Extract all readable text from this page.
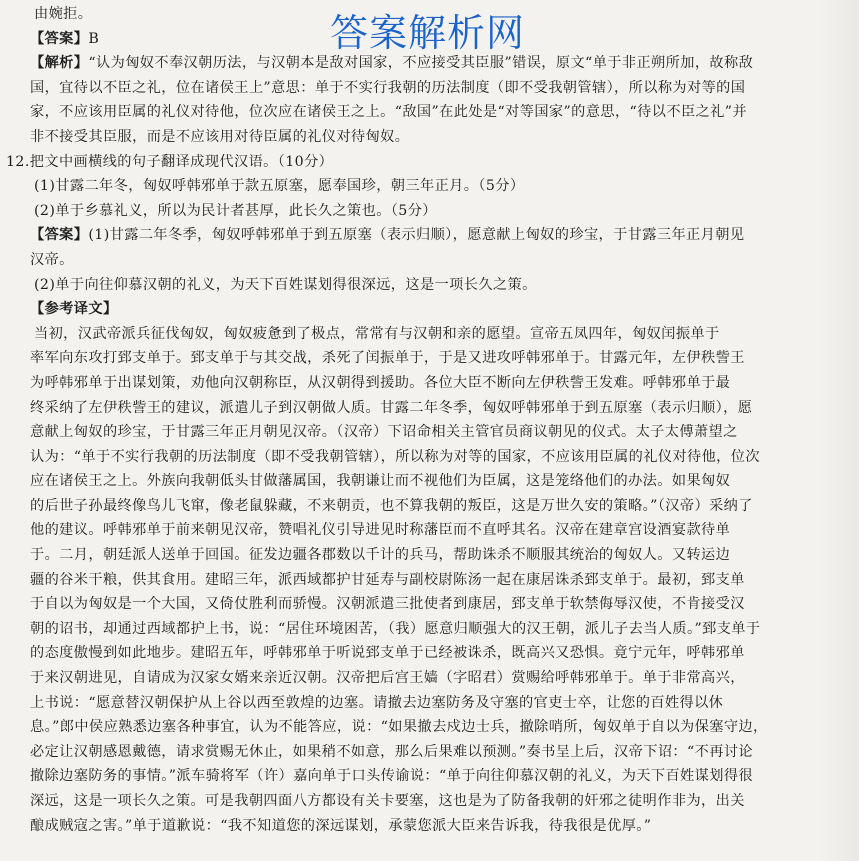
由婉拒。
【答案】B
【解析】“认为匈奴不奉汉朝历法，与汉朝本是敌对国家，不应接受其臣服”错误，原文“单于非正朔所加，故称敌
国，宜待以不臣之礼，位在诸侯王上”意思：单于不实行我朝的历法制度（即不受我朝管辖），所以称为对等的国
家，不应该用臣属的礼仪对待他，位次应在诸侯王之上。“敌国”在此处是“对等国家”的意思，“待以不臣之礼”并
非不接受其臣服，而是不应该用对待臣属的礼仪对待匈奴。
12.把文中画横线的句子翻译成现代汉语。（10分）
(1)甘露二年冬，匈奴呼韩邪单于款五原塞，愿奉国珍，朝三年正月。（5分）
(2)单于乡慕礼义，所以为民计者甚厚，此长久之策也。（5分）
【答案】(1)甘露二年冬季，匈奴呼韩邪单于到五原塞（表示归顺），愿意献上匈奴的珍宝，于甘露三年正月朝见
汉帝。
(2)单于向往仰慕汉朝的礼义，为天下百姓谋划得很深远，这是一项长久之策。
【参考译文】
当初，汉武帝派兵征伐匈奴，匈奴疲惫到了极点，常常有与汉朝和亲的愿望。宣帝五凤四年，匈奴闰振单于
率军向东攻打郅支单于。郅支单于与其交战，杀死了闰振单于，于是又进攻呼韩邪单于。甘露元年，左伊秩訾王
为呼韩邪单于出谋划策，劝他向汉朝称臣，从汉朝得到援助。各位大臣不断向左伊秩訾王发难。呼韩邪单于最
终采纳了左伊秩訾王的建议，派遣儿子到汉朝做人质。甘露二年冬季，匈奴呼韩邪单于到五原塞（表示归顺），愿
意献上匈奴的珍宝，于甘露三年正月朝见汉帝。（汉帝）下诏命相关主管官员商议朝见的仪式。太子太傅萧望之
认为：“单于不实行我朝的历法制度（即不受我朝管辖），所以称为对等的国家，不应该用臣属的礼仪对待他，位次
应在诸侯王之上。外族向我朝低头甘做藩属国，我朝谦让而不视他们为臣属，这是笼络他们的办法。如果匈奴
的后世子孙最终像鸟儿飞窜，像老鼠躲藏，不来朝贡，也不算我朝的叛臣，这是万世久安的策略。”（汉帝）采纳了
他的建议。呼韩邪单于前来朝见汉帝，赞唱礼仪引导进见时称藩臣而不直呼其名。汉帝在建章宫设酒宴款待单
于。二月，朝廷派人送单于回国。征发边疆各郡数以千计的兵马，帮助诛杀不顺服其统治的匈奴人。又转运边
疆的谷米干粮，供其食用。建昭三年，派西域都护甘延寿与副校尉陈汤一起在康居诛杀郅支单于。最初，郅支单
于自以为匈奴是一个大国，又倚仗胜利而骄慢。汉朝派遣三批使者到康居，郅支单于软禁侮辱汉使，不肯接受汉
朝的诏书，却通过西域都护上书，说：“居住环境困苦，（我）愿意归顺强大的汉王朝，派儿子去当人质。”郅支单于
的态度傲慢到如此地步。建昭五年，呼韩邪单于听说郅支单于已经被诛杀，既高兴又恐惧。竟宁元年，呼韩邪单
于来汉朝进见，自请成为汉家女婿来亲近汉朝。汉帝把后宫王嫱（字昭君）赏赐给呼韩邪单于。单于非常高兴，
上书说：“愿意替汉朝保护从上谷以西至敦煌的边塞。请撤去边塞防务及守塞的官吏士卒，让您的百姓得以休
息。”郎中侯应熟悉边塞各种事宜，认为不能答应，说：“如果撤去戍边士兵，撤除哨所，匈奴单于自以为保塞守边，
必定让汉朝感恩戴德，请求赏赐无休止，如果稍不如意，那么后果难以预测。”奏书呈上后，汉帝下诏：“不再讨论
撤除边塞防务的事情。”派车骑将军（许）嘉向单于口头传谕说：“单于向往仰慕汉朝的礼义，为天下百姓谋划得很
深远，这是一项长久之策。可是我朝四面八方都设有关卡要塞，这也是为了防备我朝的奸邪之徒明作非为，出关
酿成贼寇之害。”单于道歉说：“我不知道您的深远谋划，承蒙您派大臣来告诉我，待我很是优厚。”
答案解析网
